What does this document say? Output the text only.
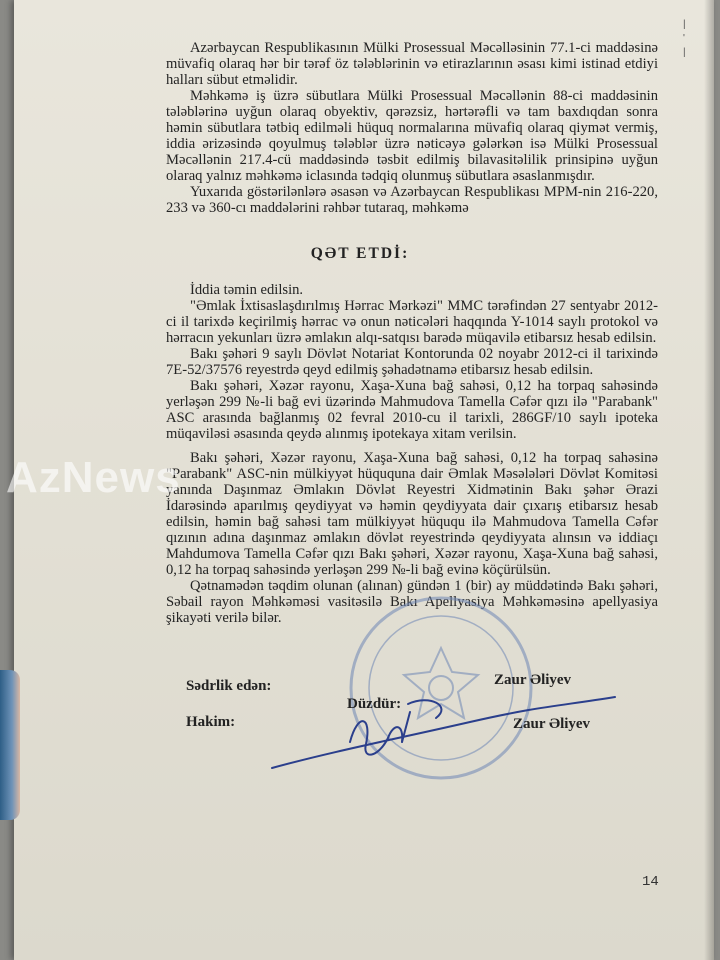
|
'
|

Azərbaycan Respublikasının Mülki Prosessual Məcəlləsinin 77.1-ci maddəsinə müvafiq olaraq hər bir tərəf öz tələblərinin və etirazlarının əsası kimi istinad etdiyi halları sübut etməlidir.

Məhkəmə iş üzrə sübutlara Mülki Prosessual Məcəllənin 88-ci maddəsinin tələblərinə uyğun olaraq obyektiv, qərəzsiz, hərtərəfli və tam baxdıqdan sonra həmin sübutlara tətbiq edilməli hüquq normalarına müvafiq olaraq qiymət vermiş, iddia ərizəsində qoyulmuş tələblər üzrə nəticəyə gələrkən isə Mülki Prosessual Məcəllənin 217.4-cü maddəsində təsbit edilmiş bilavasitəlilik prinsipinə uyğun olaraq yalnız məhkəmə iclasında tədqiq olunmuş sübutlara əsaslanmışdır.

Yuxarıda göstərilənlərə əsasən və Azərbaycan Respublikası MPM-nin 216-220, 233 və 360-cı maddələrini rəhbər tutaraq, məhkəmə

QƏT ETDİ:

İddia təmin edilsin.

"Əmlak İxtisaslaşdırılmış Hərrac Mərkəzi" MMC tərəfindən 27 sentyabr 2012-ci il tarixdə keçirilmiş hərrac və onun nəticələri haqqında Y-1014 saylı protokol və hərracın yekunları üzrə əmlakın alqı-satqısı barədə müqavilə etibarsız hesab edilsin.

Bakı şəhəri 9 saylı Dövlət Notariat Kontorunda 02 noyabr 2012-ci il tarixində 7E-52/37576 reyestrdə qeyd edilmiş şəhadətnamə etibarsız hesab edilsin.

Bakı şəhəri, Xəzər rayonu, Xaşa-Xuna bağ sahəsi, 0,12 ha torpaq sahəsində yerləşən 299 №-li bağ evi üzərində Mahmudova Tamella Cəfər qızı ilə "Parabank" ASC arasında bağlanmış 02 fevral 2010-cu il tarixli, 286GF/10 saylı ipoteka müqaviləsi əsasında qeydə alınmış ipotekaya xitam verilsin.

Bakı şəhəri, Xəzər rayonu, Xaşa-Xuna bağ sahəsi, 0,12 ha torpaq sahəsinə "Parabank" ASC-nin mülkiyyət hüququna dair Əmlak Məsələləri Dövlət Komitəsi yanında Daşınmaz Əmlakın Dövlət Reyestri Xidmətinin Bakı şəhər Ərazi İdarəsində aparılmış qeydiyyat və həmin qeydiyyata dair çıxarış etibarsız hesab edilsin, həmin bağ sahəsi tam mülkiyyət hüququ ilə Mahmudova Tamella Cəfər qızının adına daşınmaz əmlakın dövlət reyestrində qeydiyyata alınsın və iddiaçı Mahdumova Tamella Cəfər qızı Bakı şəhəri, Xəzər rayonu, Xaşa-Xuna bağ sahəsi, 0,12 ha torpaq sahəsində yerləşən 299 №-li bağ evinə köçürülsün.

Qətnamədən təqdim olunan (alınan) gündən 1 (bir) ay müddətində Bakı şəhəri, Səbail rayon Məhkəməsi vasitəsilə Bakı Apellyasiya Məhkəməsinə apellyasiya şikayəti verilə bilər.

AzNews
Sədrlik edən:	Zaur Əliyev
Düzdür:
Hakim:	Zaur Əliyev
14
